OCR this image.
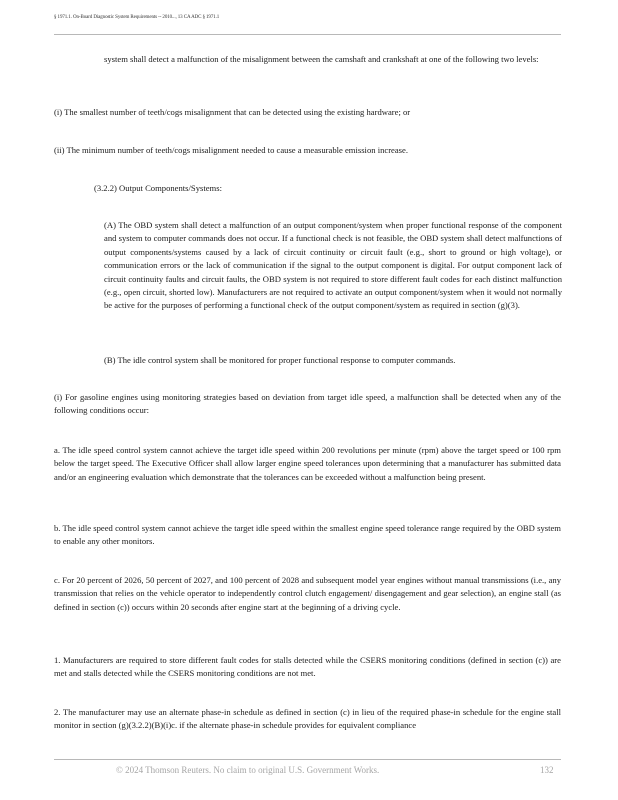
§ 1971.1. On-Board Diagnostic System Requirements -- 2010..., 13 CA ADC § 1971.1

system shall detect a malfunction of the misalignment between the camshaft and crankshaft at one of the following two levels:

(i) The smallest number of teeth/cogs misalignment that can be detected using the existing hardware; or

(ii) The minimum number of teeth/cogs misalignment needed to cause a measurable emission increase.

(3.2.2) Output Components/Systems:

(A) The OBD system shall detect a malfunction of an output component/system when proper functional response of the component and system to computer commands does not occur. If a functional check is not feasible, the OBD system shall detect malfunctions of output components/systems caused by a lack of circuit continuity or circuit fault (e.g., short to ground or high voltage), or communication errors or the lack of communication if the signal to the output component is digital. For output component lack of circuit continuity faults and circuit faults, the OBD system is not required to store different fault codes for each distinct malfunction (e.g., open circuit, shorted low). Manufacturers are not required to activate an output component/system when it would not normally be active for the purposes of performing a functional check of the output component/system as required in section (g)(3).

(B) The idle control system shall be monitored for proper functional response to computer commands.

(i) For gasoline engines using monitoring strategies based on deviation from target idle speed, a malfunction shall be detected when any of the following conditions occur:

a. The idle speed control system cannot achieve the target idle speed within 200 revolutions per minute (rpm) above the target speed or 100 rpm below the target speed. The Executive Officer shall allow larger engine speed tolerances upon determining that a manufacturer has submitted data and/or an engineering evaluation which demonstrate that the tolerances can be exceeded without a malfunction being present.

b. The idle speed control system cannot achieve the target idle speed within the smallest engine speed tolerance range required by the OBD system to enable any other monitors.

c. For 20 percent of 2026, 50 percent of 2027, and 100 percent of 2028 and subsequent model year engines without manual transmissions (i.e., any transmission that relies on the vehicle operator to independently control clutch engagement/ disengagement and gear selection), an engine stall (as defined in section (c)) occurs within 20 seconds after engine start at the beginning of a driving cycle.

1. Manufacturers are required to store different fault codes for stalls detected while the CSERS monitoring conditions (defined in section (c)) are met and stalls detected while the CSERS monitoring conditions are not met.

2. The manufacturer may use an alternate phase-in schedule as defined in section (c) in lieu of the required phase-in schedule for the engine stall monitor in section (g)(3.2.2)(B)(i)c. if the alternate phase-in schedule provides for equivalent compliance

© 2024 Thomson Reuters. No claim to original U.S. Government Works.	132
